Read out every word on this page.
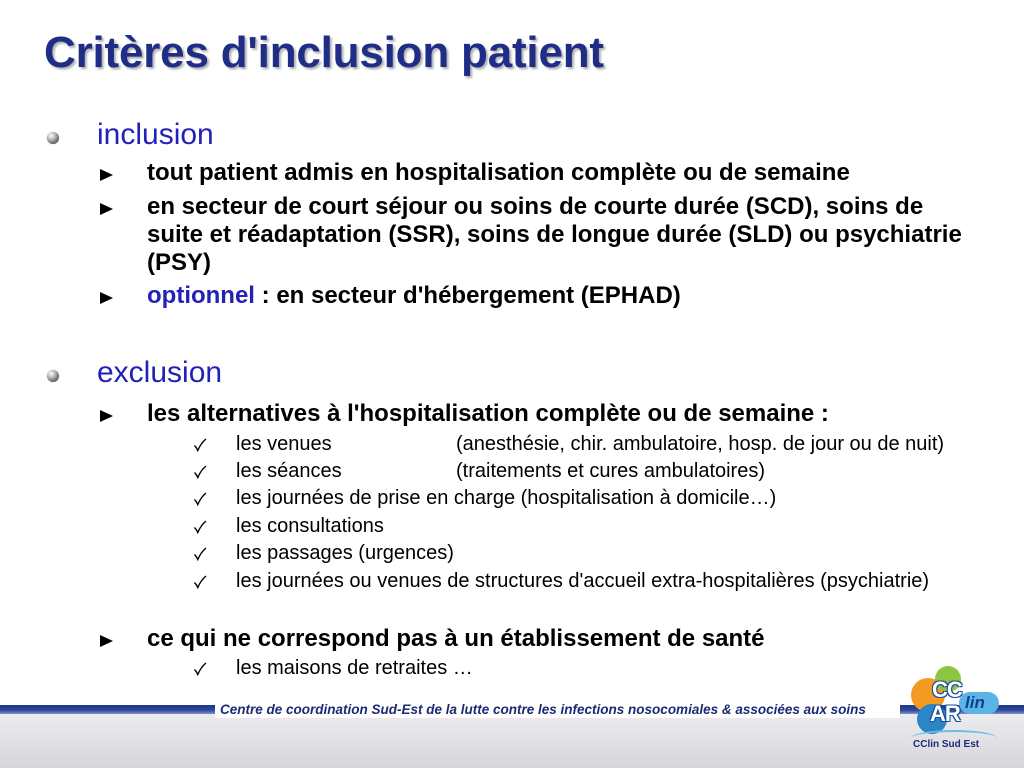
Critères d'inclusion patient
inclusion
tout patient admis en hospitalisation complète ou de semaine
en secteur de court séjour ou soins de courte durée (SCD), soins de
suite et réadaptation (SSR), soins de longue durée (SLD) ou psychiatrie
(PSY)
optionnel : en secteur d'hébergement (EPHAD)
exclusion
les alternatives à l'hospitalisation complète ou de semaine :
les venues	(anesthésie, chir. ambulatoire, hosp. de jour ou de nuit)
les séances	(traitements et cures ambulatoires)
les journées de prise en charge (hospitalisation à domicile…)
les consultations
les passages (urgences)
les journées ou venues de structures d'accueil extra-hospitalières (psychiatrie)
ce qui ne correspond pas à un établissement de santé
les maisons de retraites …
Centre de coordination Sud-Est de la lutte contre les infections nosocomiales & associées aux soins
CC
AR lin
CClin Sud Est
